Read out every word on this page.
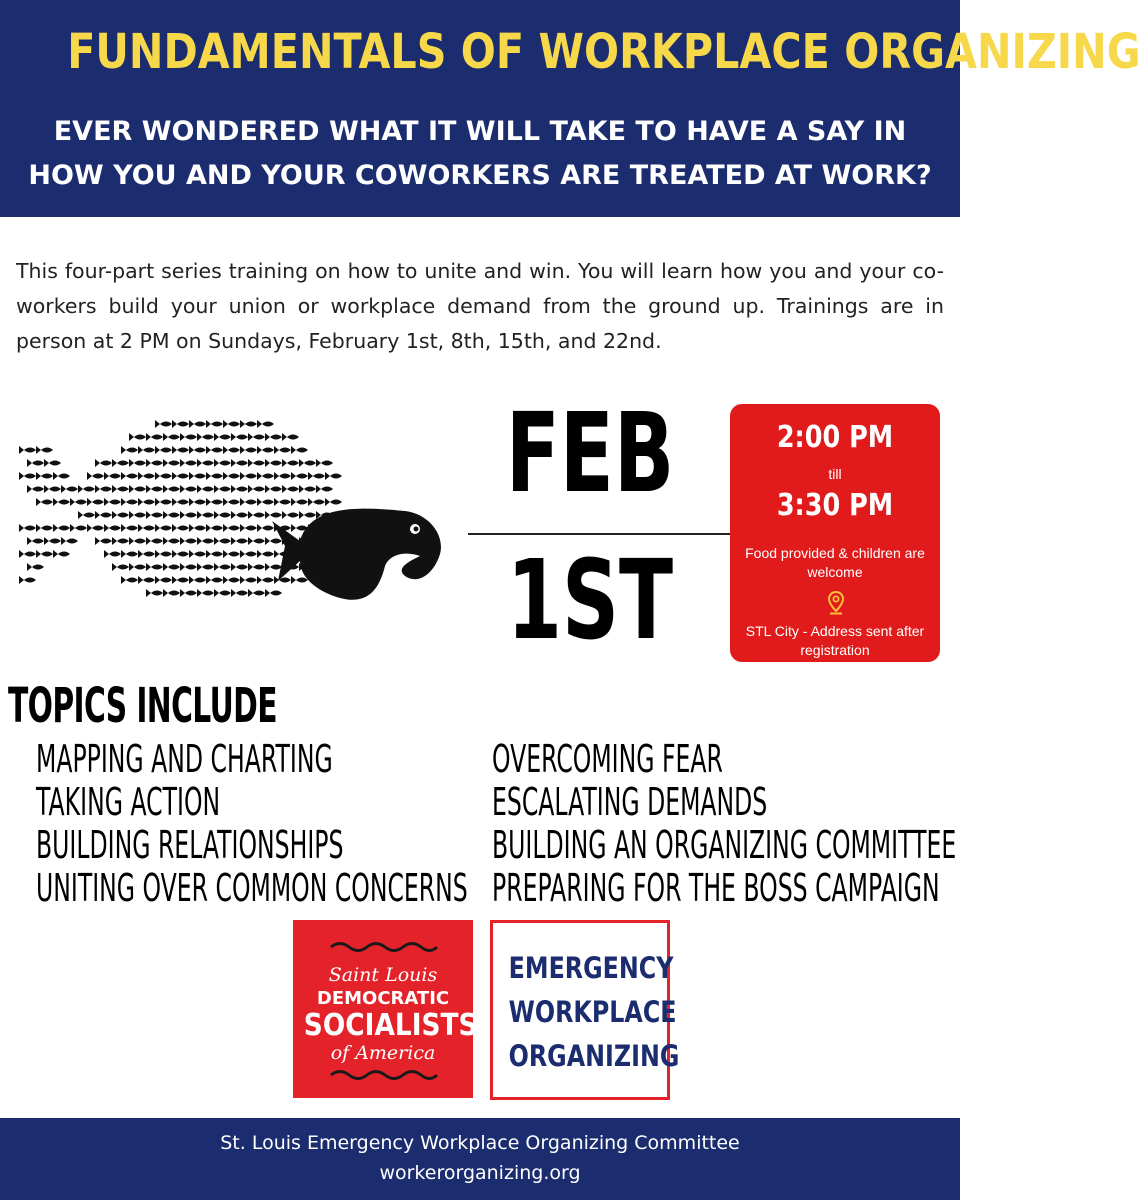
FUNDAMENTALS OF WORKPLACE ORGANIZING
EVER WONDERED WHAT IT WILL TAKE TO HAVE A SAY IN
HOW YOU AND YOUR COWORKERS ARE TREATED AT WORK?

This four-part series training on how to unite and win. You will learn how you and your co-workers build your union or workplace demand from the ground up. Trainings are in person at 2 PM on Sundays, February 1st, 8th, 15th, and 22nd.

FEB
1ST
2:00 PM
till
3:30 PM
Food provided & children are welcome
STL City - Address sent after registration
TOPICS INCLUDE
MAPPING AND CHARTING
TAKING ACTION
BUILDING RELATIONSHIPS
UNITING OVER COMMON CONCERNS
OVERCOMING FEAR
ESCALATING DEMANDS
BUILDING AN ORGANIZING COMMITTEE
PREPARING FOR THE BOSS CAMPAIGN
Saint Louis
DEMOCRATIC
SOCIALISTS
of America
EMERGENCY
WORKPLACE
ORGANIZING
St. Louis Emergency Workplace Organizing Committee
workerorganizing.org
